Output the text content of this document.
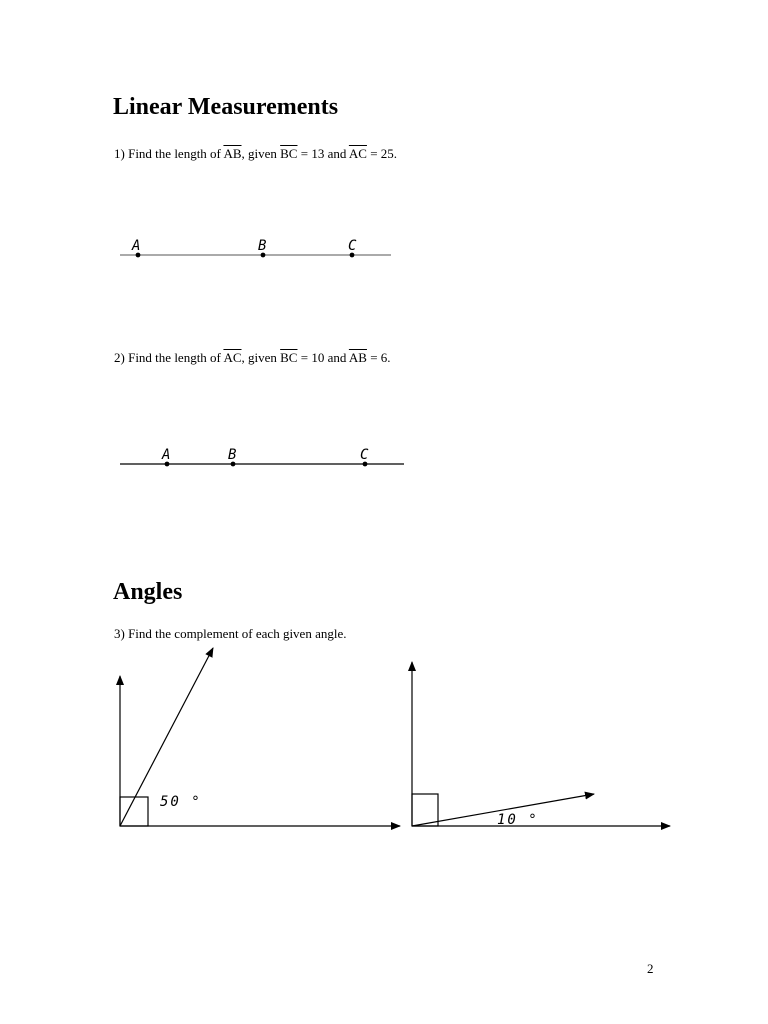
Linear Measurements

1) Find the length of $\overline{AB}$, given $\overline{BC} = 13$ and $\overline{AC} = 25$.

A	B	C

2) Find the length of $\overline{AC}$, given $\overline{BC} = 10$ and $\overline{AB} = 6$.

A	B	C
Angles

3) Find the complement of each given angle.

50 °
10 °
2
